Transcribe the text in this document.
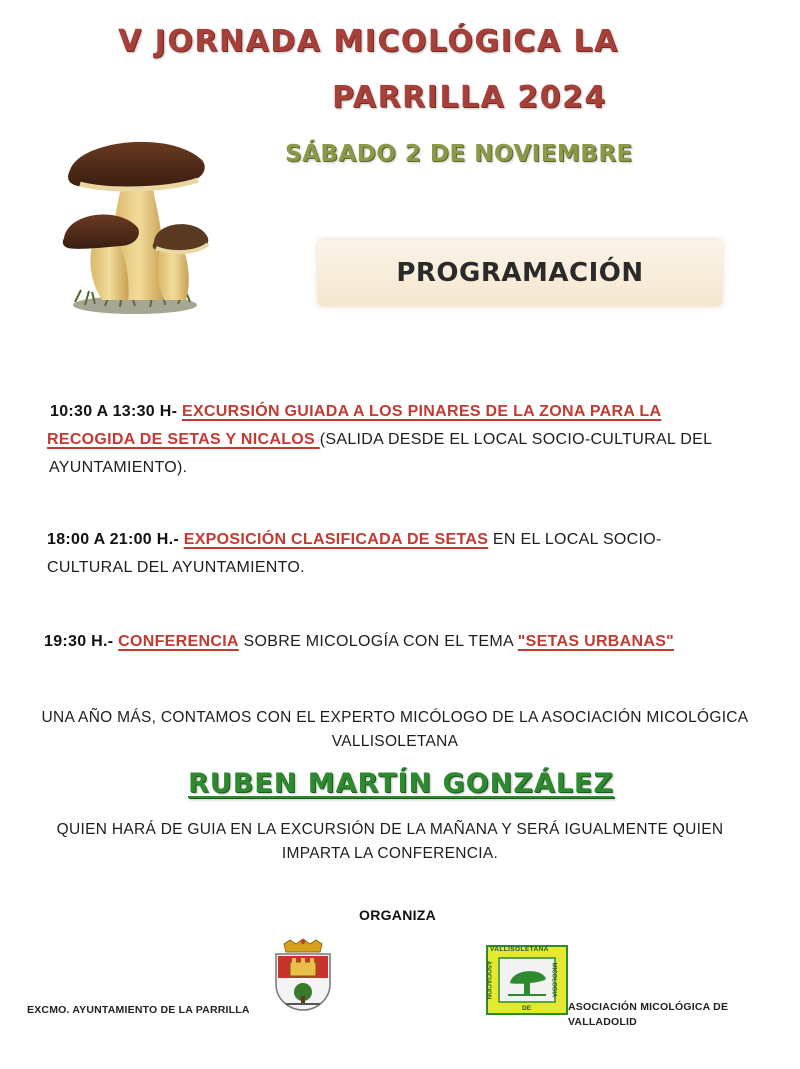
V JORNADA MICOLÓGICA LA
PARRILLA 2024
SÁBADO 2 DE NOVIEMBRE
PROGRAMACIÓN
10:30 A 13:30 H- EXCURSIÓN GUIADA A LOS PINARES DE LA ZONA PARA LA
RECOGIDA DE SETAS Y NICALOS (SALIDA DESDE EL LOCAL SOCIO-CULTURAL DEL
AYUNTAMIENTO).
18:00 A 21:00 H.- EXPOSICIÓN CLASIFICADA DE SETAS EN EL LOCAL SOCIO-
CULTURAL DEL AYUNTAMIENTO.
19:30 H.- CONFERENCIA SOBRE MICOLOGÍA CON EL TEMA "SETAS URBANAS"
UNA AÑO MÁS, CONTAMOS CON EL EXPERTO MICÓLOGO DE LA ASOCIACIÓN MICOLÓGICA
VALLISOLETANA
RUBEN MARTÍN GONZÁLEZ
QUIEN HARÁ DE GUIA EN LA EXCURSIÓN DE LA MAÑANA Y SERÁ IGUALMENTE QUIEN
IMPARTA LA CONFERENCIA.
ORGANIZA
EXCMO. AYUNTAMIENTO DE LA PARRILLA
VALLISOLETANA
ASOCIACION	MICOLOGIA
DE	ASOCIACIÓN MICOLÓGICA DE
VALLADOLID
